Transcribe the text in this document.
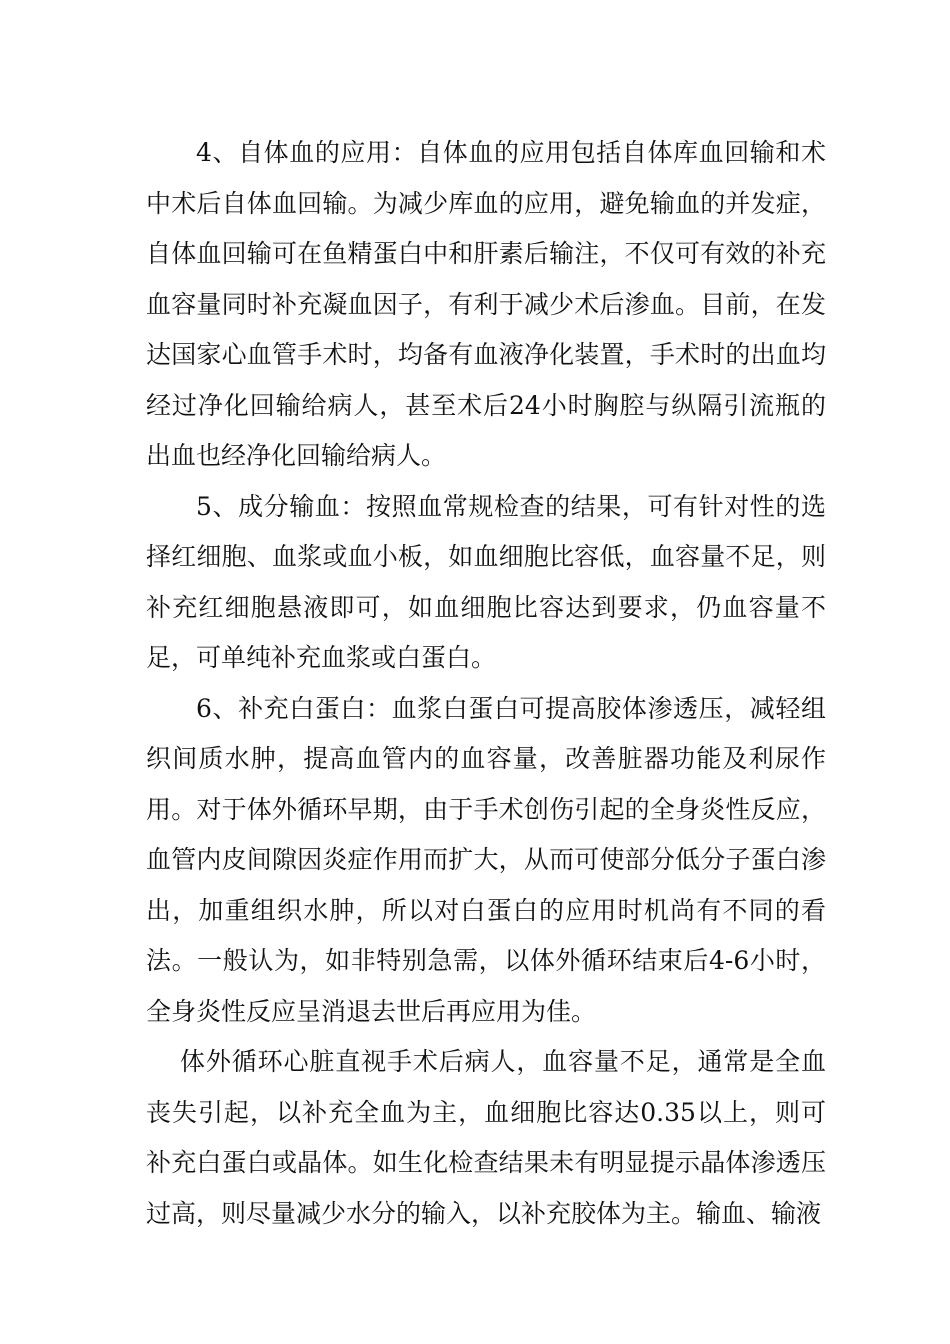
4、自体血的应用：自体血的应用包括自体库血回输和术中术后自体血回输。为减少库血的应用，避免输血的并发症，自体血回输可在鱼精蛋白中和肝素后输注，不仅可有效的补充血容量同时补充凝血因子，有利于减少术后渗血。目前，在发达国家心血管手术时，均备有血液净化装置，手术时的出血均经过净化回输给病人，甚至术后24小时胸腔与纵隔引流瓶的出血也经净化回输给病人。

5、成分输血：按照血常规检查的结果，可有针对性的选择红细胞、血浆或血小板，如血细胞比容低，血容量不足，则补充红细胞悬液即可，如血细胞比容达到要求，仍血容量不足，可单纯补充血浆或白蛋白。

6、补充白蛋白：血浆白蛋白可提高胶体渗透压，减轻组织间质水肿，提高血管内的血容量，改善脏器功能及利尿作用。对于体外循环早期，由于手术创伤引起的全身炎性反应，血管内皮间隙因炎症作用而扩大，从而可使部分低分子蛋白渗出，加重组织水肿，所以对白蛋白的应用时机尚有不同的看法。一般认为，如非特别急需，以体外循环结束后4-6小时，全身炎性反应呈消退去世后再应用为佳。

体外循环心脏直视手术后病人，血容量不足，通常是全血丧失引起，以补充全血为主，血细胞比容达0.35以上，则可补充白蛋白或晶体。如生化检查结果未有明显提示晶体渗透压过高，则尽量减少水分的输入，以补充胶体为主。输血、输液
